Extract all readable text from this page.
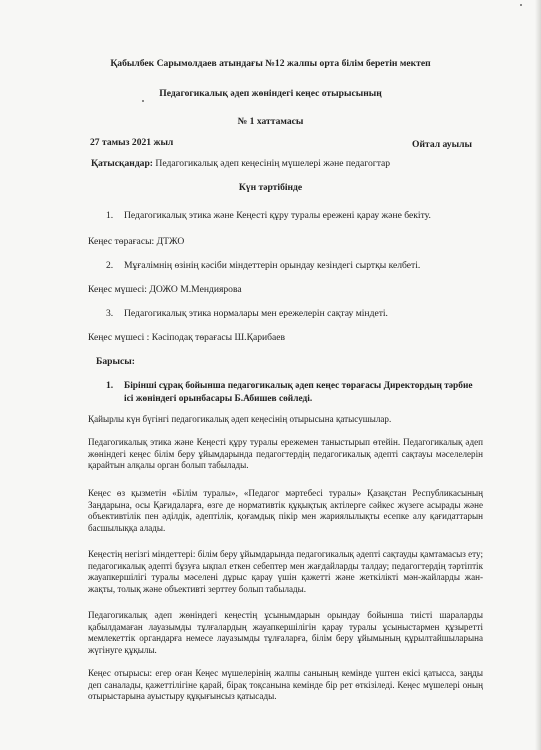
Қабылбек Сарымолдаев атындағы №12 жалпы орта білім беретін мектеп
Педагогикалық әдеп жөніндегі кеңес отырысының
№ 1 хаттамасы
27 тамыз 2021 жыл	Ойтал ауылы
Қатысқандар: Педагогикалық әдеп кеңесінің мүшелері және педагогтар
Күн тәртібінде
1. Педагогикалық этика және Кеңесті құру туралы ережені қарау және бекіту.
Кеңес төрағасы: ДТЖО
2. Мұғалімнің өзінің кәсіби міндеттерін орындау кезіндегі сыртқы келбеті.
Кеңес мүшесі: ДОЖО М.Мендиярова
3. Педагогикалық этика нормалары мен ережелерін сақтау міндеті.
Кеңес мүшесі : Кәсіподақ төрағасы Ш.Қарибаев
Барысы:
1. Бірінші сұрақ бойынша педагогикалық әдеп кеңес төрағасы Директордың тәрбие
ісі жөніндегі орынбасары Б.Абишев сөйледі.
Қайырлы күн бүгінгі педагогикалық әдеп кеңесінің отырысына қатысушылар.
Педагогикалық этика және Кеңесті құру туралы ережемен таныстырып өтейін. Педагогикалық әдеп жөніндегі кеңес білім беру ұйымдарында педагогтердің педагогикалық әдепті сақтауы мәселелерін қарайтын алқалы орган болып табылады.
Кеңес өз қызметін «Білім туралы», «Педагог мәртебесі туралы» Қазақстан Республикасының Заңдарына, осы Қағидаларға, өзге де нормативтік құқықтық актілерге сәйкес жүзеге асырады және объективтілік пен әділдік, әдептілік, қоғамдық пікір мен жариялылықты есепке алу қағидаттарын басшылыққа алады.
Кеңестің негізгі міндеттері: білім беру ұйымдарында педагогикалық әдепті сақтауды қамтамасыз ету; педагогикалық әдепті бұзуға ықпал еткен себептер мен жағдайларды талдау; педагогтердің тәртіптік жауапкершілігі туралы мәселені дұрыс қарау үшін қажетті және жеткілікті мән-жайларды жан-жақты, толық және объективті зерттеу болып табылады.
Педагогикалық әдеп жөніндегі кеңестің ұсынымдарын орындау бойынша тиісті шараларды қабылдамаған лауазымды тұлғалардың жауапкершілігін қарау туралы ұсыныстармен құзыретті мемлекеттік органдарға немесе лауазымды тұлғаларға, білім беру ұйымының құрылтайшыларына жүгінуге құқылы.
Кеңес отырысы: егер оған Кеңес мүшелерінің жалпы санының кемінде үштен екісі қатысса, заңды деп саналады, қажеттілігіне қарай, бірақ тоқсанына кемінде бір рет өткізіледі. Кеңес мүшелері оның отырыстарына ауыстыру құқығынсыз қатысады.
